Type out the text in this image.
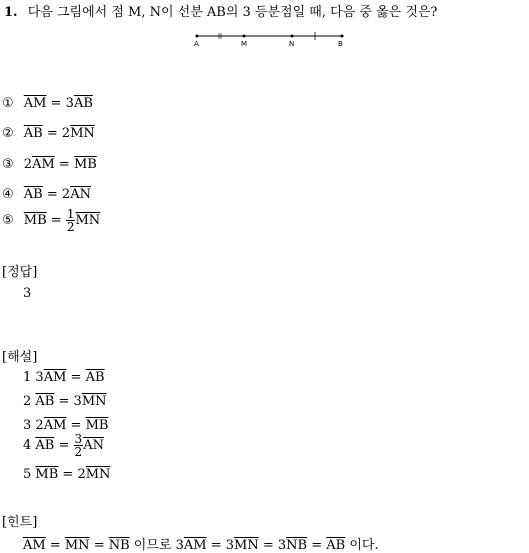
1. 다음 그림에서 점 M, N이 선분 AB의 3 등분점일 때, 다음 중 옳은 것은?
A	M	N	B
① $\overline{AM} = 3\overline{AB}$
② $\overline{AB} = 2\overline{MN}$
③ $2\overline{AM} = \overline{MB}$
④ $\overline{AB} = 2\overline{AN}$
⑤ $\overline{MB} = \frac{1}{2} \overline{MN}$
[정답]
3
[해설]
1 $3\overline{AM} = \overline{AB}$
2 $\overline{AB} = 3\overline{MN}$
3 $2\overline{AM} = \overline{MB}$
4 $\overline{AB} = \frac{3}{2} \overline{AN}$
5 $\overline{MB} = 2\overline{MN}$
[힌트]
$\overline{AM} = \overline{MN} = \overline{NB}$ 이므로 $3\overline{AM} = 3\overline{MN} = 3\overline{NB} = \overline{AB}$ 이다.
